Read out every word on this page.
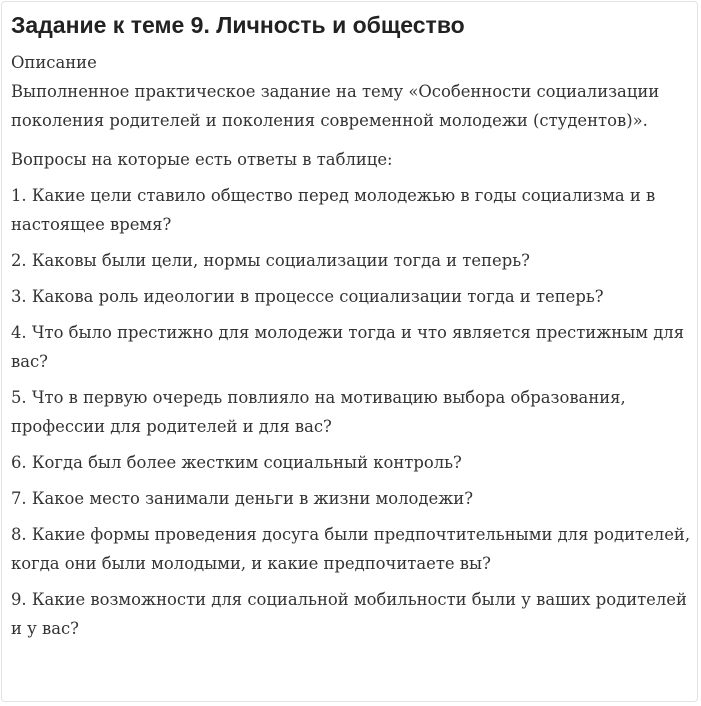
Задание к теме 9. Личность и общество
Описание

Выполненное практическое задание на тему «Особенности социализации поколения родителей и поколения современной молодежи (студентов)».

Вопросы на которые есть ответы в таблице:

1. Какие цели ставило общество перед молодежью в годы социализма и в настоящее время?

2. Каковы были цели, нормы социализации тогда и теперь?

3. Какова роль идеологии в процессе социализации тогда и теперь?

4. Что было престижно для молодежи тогда и что является престижным для вас?

5. Что в первую очередь повлияло на мотивацию выбора образования, профессии для родителей и для вас?

6. Когда был более жестким социальный контроль?

7. Какое место занимали деньги в жизни молодежи?

8. Какие формы проведения досуга были предпочтительными для родителей, когда они были молодыми, и какие предпочитаете вы?

9. Какие возможности для социальной мобильности были у ваших родителей и у вас?
